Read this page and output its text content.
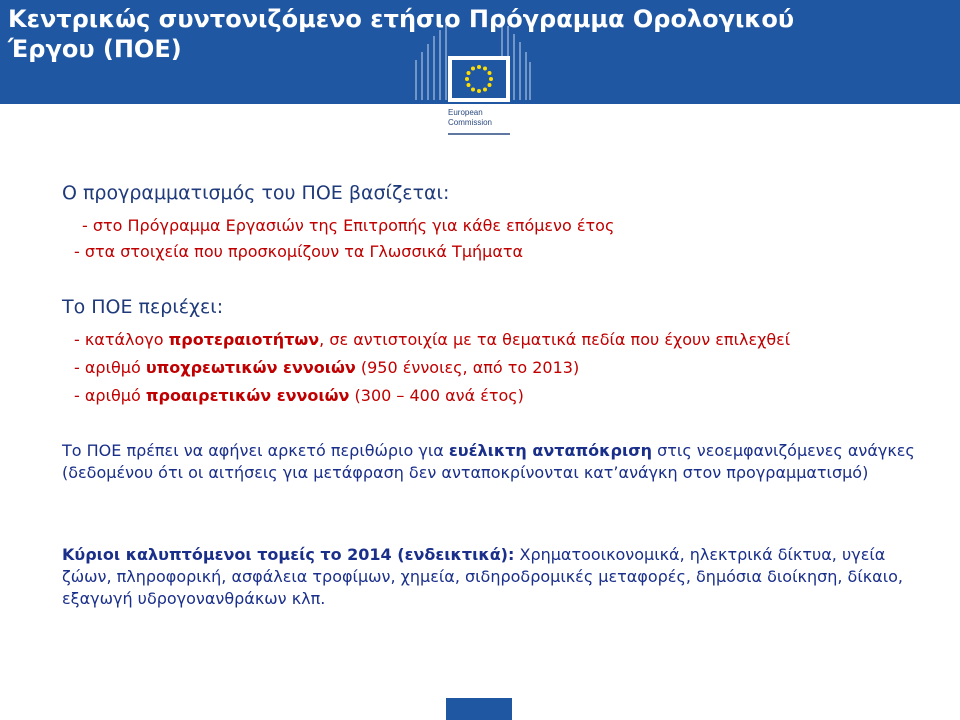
Κεντρικώς συντονιζόμενο ετήσιο Πρόγραμμα Ορολογικού
Έργου (ΠΟΕ)
European
Commission

Ο προγραμματισμός του ΠΟΕ βασίζεται:

- στο Πρόγραμμα Εργασιών της Επιτροπής για κάθε επόμενο έτος

- στα στοιχεία που προσκομίζουν τα Γλωσσικά Τμήματα

Το ΠΟΕ περιέχει:

- κατάλογο προτεραιοτήτων, σε αντιστοιχία με τα θεματικά πεδία που έχουν επιλεχθεί

- αριθμό υποχρεωτικών εννοιών (950 έννοιες, από το 2013)

- αριθμό προαιρετικών εννοιών (300 – 400 ανά έτος)

Το ΠΟΕ πρέπει να αφήνει αρκετό περιθώριο για ευέλικτη ανταπόκριση στις νεοεμφανιζόμενες ανάγκες (δεδομένου ότι οι αιτήσεις για μετάφραση δεν ανταποκρίνονται κατ’ανάγκη στον προγραμματισμό)

Κύριοι καλυπτόμενοι τομείς το 2014 (ενδεικτικά): Χρηματοοικονομικά, ηλεκτρικά δίκτυα, υγεία ζώων, πληροφορική, ασφάλεια τροφίμων, χημεία, σιδηροδρομικές μεταφορές, δημόσια διοίκηση, δίκαιο, εξαγωγή υδρογονανθράκων κλπ.
